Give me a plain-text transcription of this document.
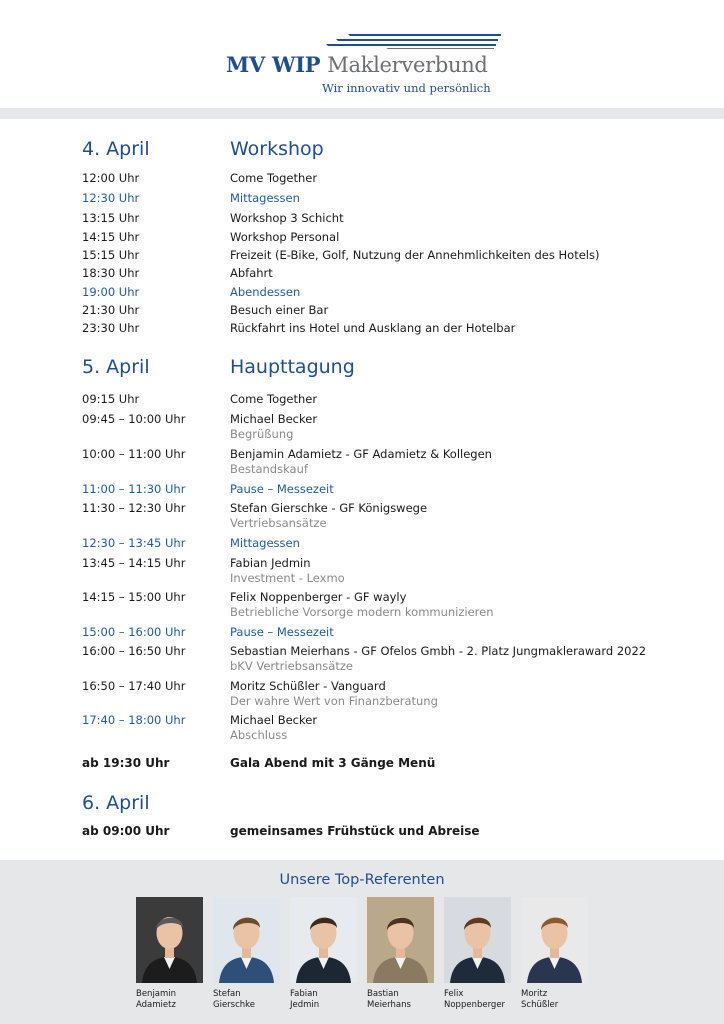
MV WIP Maklerverbund
Wir innovativ und persönlich
4. April	Workshop
12:00 Uhr	Come Together
12:30 Uhr	Mittagessen
13:15 Uhr	Workshop 3 Schicht
14:15 Uhr	Workshop Personal
15:15 Uhr	Freizeit (E-Bike, Golf, Nutzung der Annehmlichkeiten des Hotels)
18:30 Uhr	Abfahrt
19:00 Uhr	Abendessen
21:30 Uhr	Besuch einer Bar
23:30 Uhr	Rückfahrt ins Hotel und Ausklang an der Hotelbar
5. April	Haupttagung
09:15 Uhr	Come Together
09:45 – 10:00 Uhr	Michael Becker
Begrüßung
10:00 – 11:00 Uhr	Benjamin Adamietz - GF Adamietz & Kollegen
Bestandskauf
11:00 – 11:30 Uhr	Pause – Messezeit
11:30 – 12:30 Uhr	Stefan Gierschke - GF Königswege
Vertriebsansätze
12:30 – 13:45 Uhr	Mittagessen
13:45 – 14:15 Uhr	Fabian Jedmin
Investment - Lexmo
14:15 – 15:00 Uhr	Felix Noppenberger - GF wayly
Betriebliche Vorsorge modern kommunizieren
15:00 – 16:00 Uhr	Pause – Messezeit
16:00 – 16:50 Uhr	Sebastian Meierhans - GF Ofelos Gmbh - 2. Platz Jungmakleraward 2022
bKV Vertriebsansätze
16:50 – 17:40 Uhr	Moritz Schüßler - Vanguard
Der wahre Wert von Finanzberatung
17:40 – 18:00 Uhr	Michael Becker
Abschluss
ab 19:30 Uhr	Gala Abend mit 3 Gänge Menü
6. April
ab 09:00 Uhr	gemeinsames Frühstück und Abreise
Unsere Top-Referenten
Benjamin
Adamietz
Stefan
Gierschke
Fabian
Jedmin
Bastian
Meierhans
Felix
Noppenberger
Moritz
Schüßler
